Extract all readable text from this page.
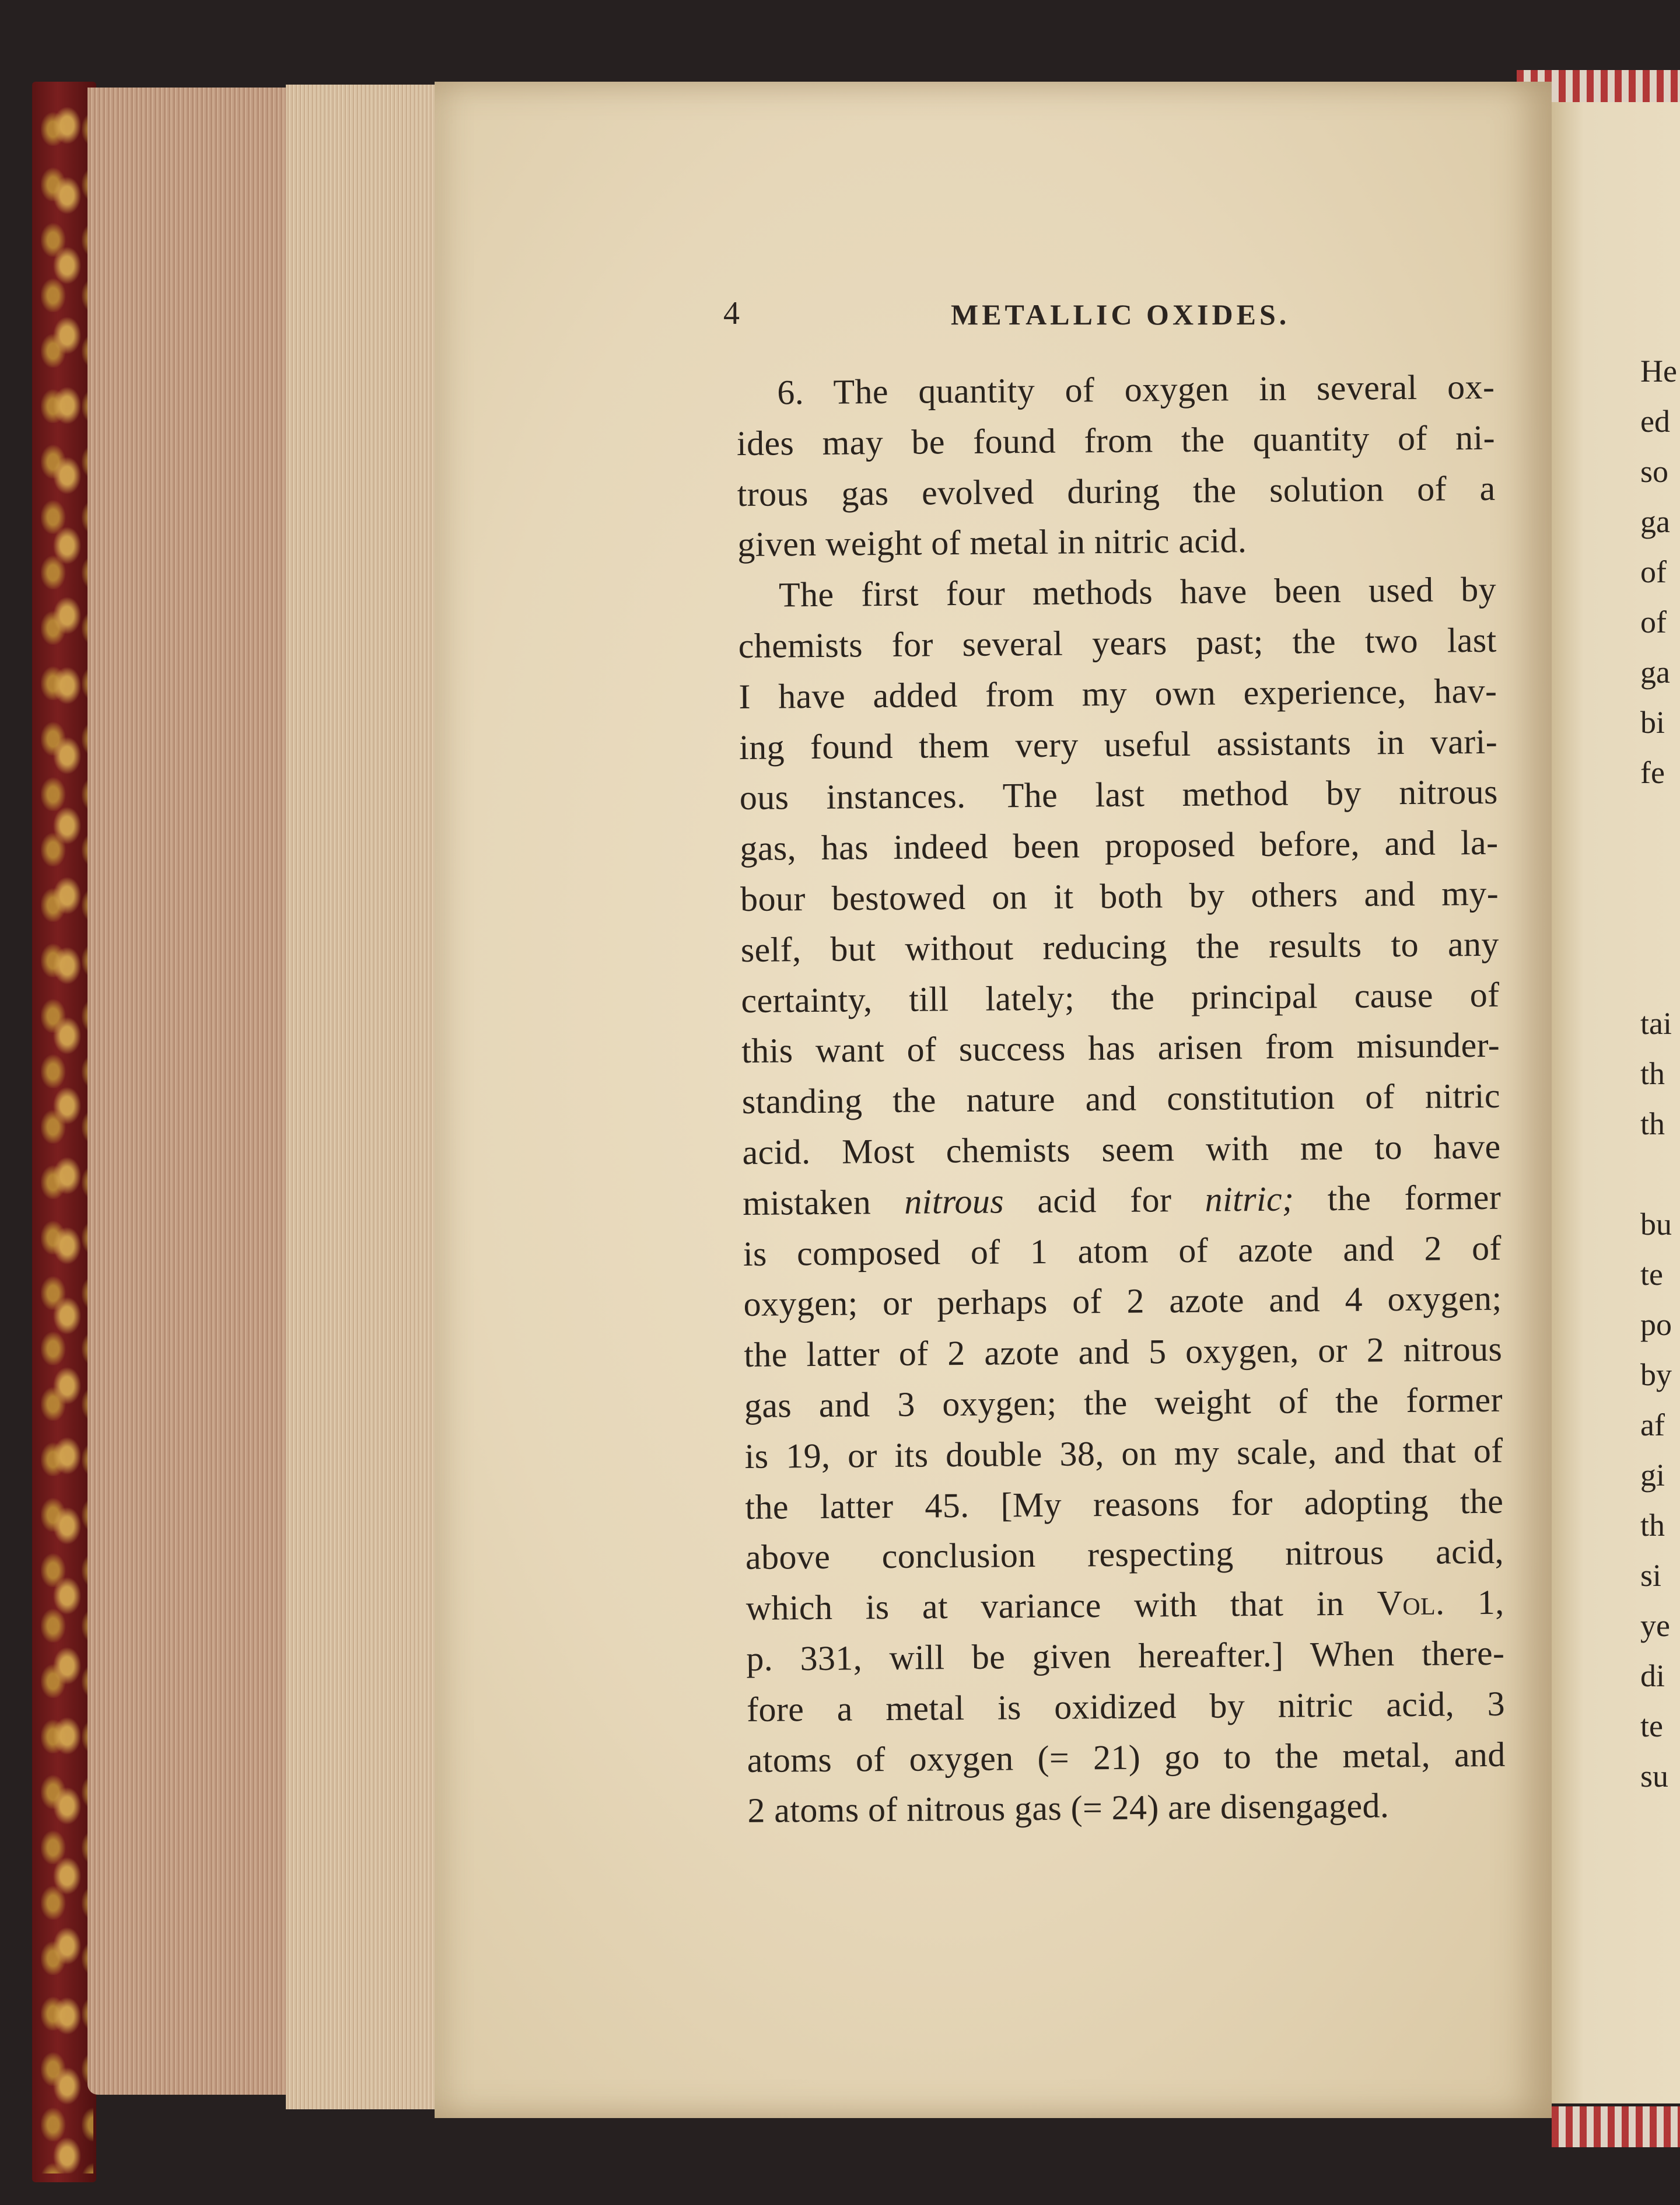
4	METALLIC OXIDES.
6. The quantity of oxygen in several ox-
ides may be found from the quantity of ni-
trous gas evolved during the solution of a
given weight of metal in nitric acid.
The first four methods have been used by
chemists for several years past; the two last
I have added from my own experience, hav-
ing found them very useful assistants in vari-
ous instances. The last method by nitrous
gas, has indeed been proposed before, and la-
bour bestowed on it both by others and my-
self, but without reducing the results to any
certainty, till lately; the principal cause of
this want of success has arisen from misunder-
standing the nature and constitution of nitric
acid. Most chemists seem with me to have
mistaken nitrous acid for nitric; the former
is composed of 1 atom of azote and 2 of
oxygen; or perhaps of 2 azote and 4 oxygen;
the latter of 2 azote and 5 oxygen, or 2 nitrous
gas and 3 oxygen; the weight of the former
is 19, or its double 38, on my scale, and that of
the latter 45. [My reasons for adopting the
above conclusion respecting nitrous acid,
which is at variance with that in Vol. 1,
p. 331, will be given hereafter.] When there-
fore a metal is oxidized by nitric acid, 3
atoms of oxygen (= 21) go to the metal, and
2 atoms of nitrous gas (= 24) are disengaged.
He
ed
so
ga
of
of
ga
bi
fe
tai
th
th
bu
te
po
by
af
gi
th
si
ye
di
te
su
